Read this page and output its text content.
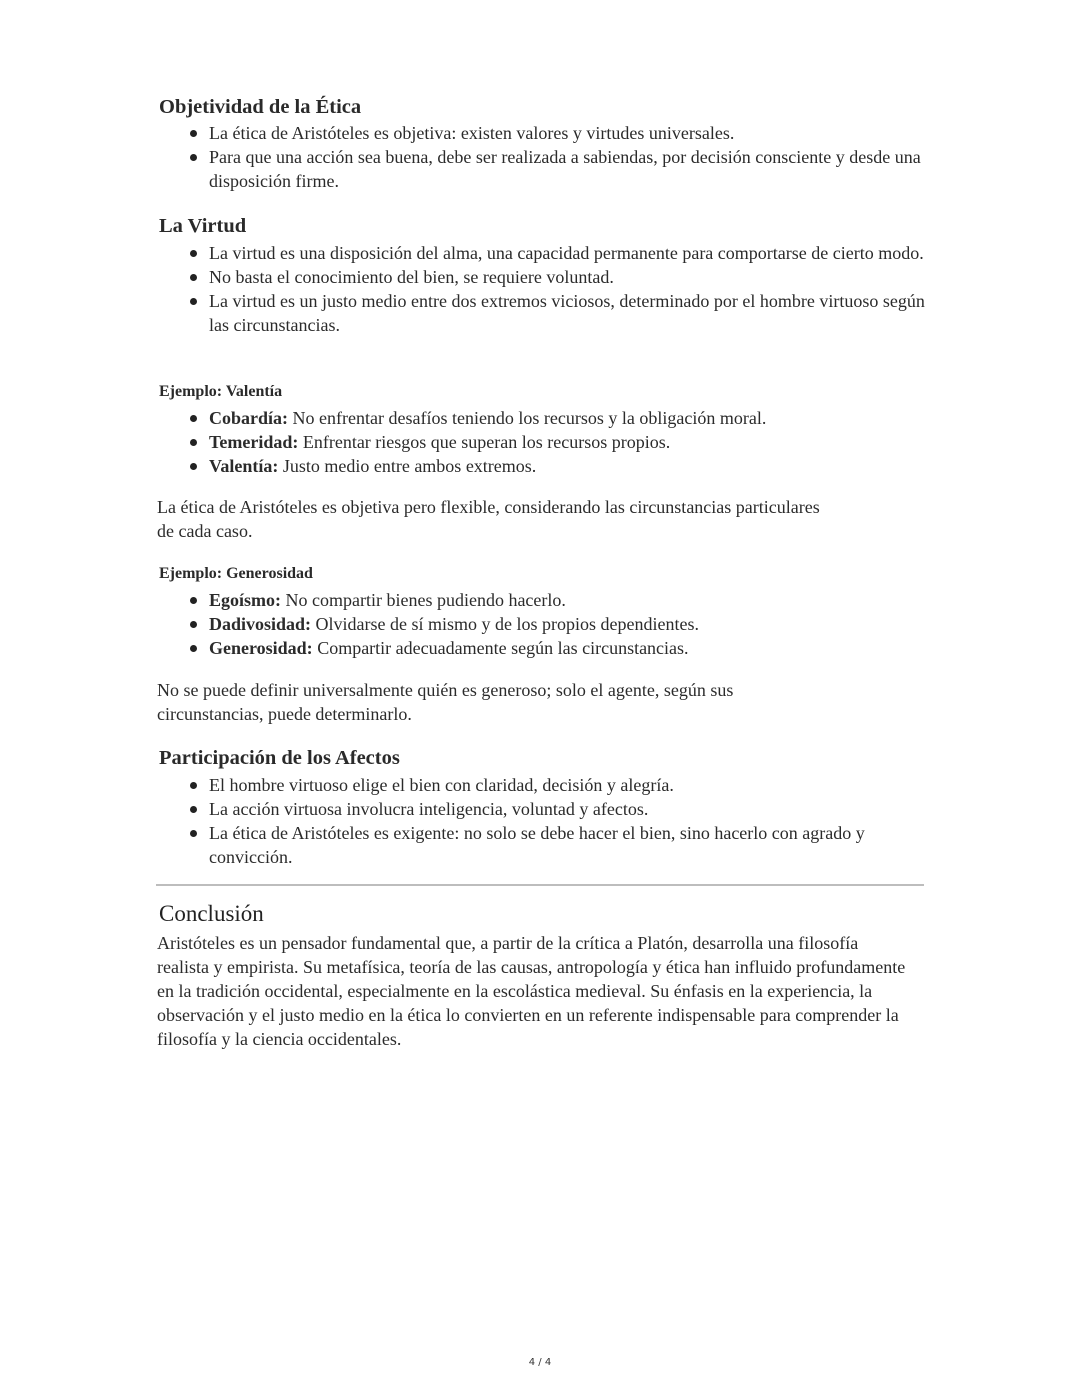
Objetividad de la Ética
La ética de Aristóteles es objetiva: existen valores y virtudes universales.
Para que una acción sea buena, debe ser realizada a sabiendas, por decisión consciente y desde una disposición firme.
La Virtud
La virtud es una disposición del alma, una capacidad permanente para comportarse de cierto modo.
No basta el conocimiento del bien, se requiere voluntad.
La virtud es un justo medio entre dos extremos viciosos, determinado por el hombre virtuoso según las circunstancias.
Ejemplo: Valentía
Cobardía: No enfrentar desafíos teniendo los recursos y la obligación moral.
Temeridad: Enfrentar riesgos que superan los recursos propios.
Valentía: Justo medio entre ambos extremos.

La ética de Aristóteles es objetiva pero flexible, considerando las circunstancias particulares de cada caso.

Ejemplo: Generosidad
Egoísmo: No compartir bienes pudiendo hacerlo.
Dadivosidad: Olvidarse de sí mismo y de los propios dependientes.
Generosidad: Compartir adecuadamente según las circunstancias.

No se puede definir universalmente quién es generoso; solo el agente, según sus circunstancias, puede determinarlo.

Participación de los Afectos
El hombre virtuoso elige el bien con claridad, decisión y alegría.
La acción virtuosa involucra inteligencia, voluntad y afectos.
La ética de Aristóteles es exigente: no solo se debe hacer el bien, sino hacerlo con agrado y convicción.
Conclusión

Aristóteles es un pensador fundamental que, a partir de la crítica a Platón, desarrolla una filosofía realista y empirista. Su metafísica, teoría de las causas, antropología y ética han influido profundamente en la tradición occidental, especialmente en la escolástica medieval. Su énfasis en la experiencia, la observación y el justo medio en la ética lo convierten en un referente indispensable para comprender la filosofía y la ciencia occidentales.

4 / 4
